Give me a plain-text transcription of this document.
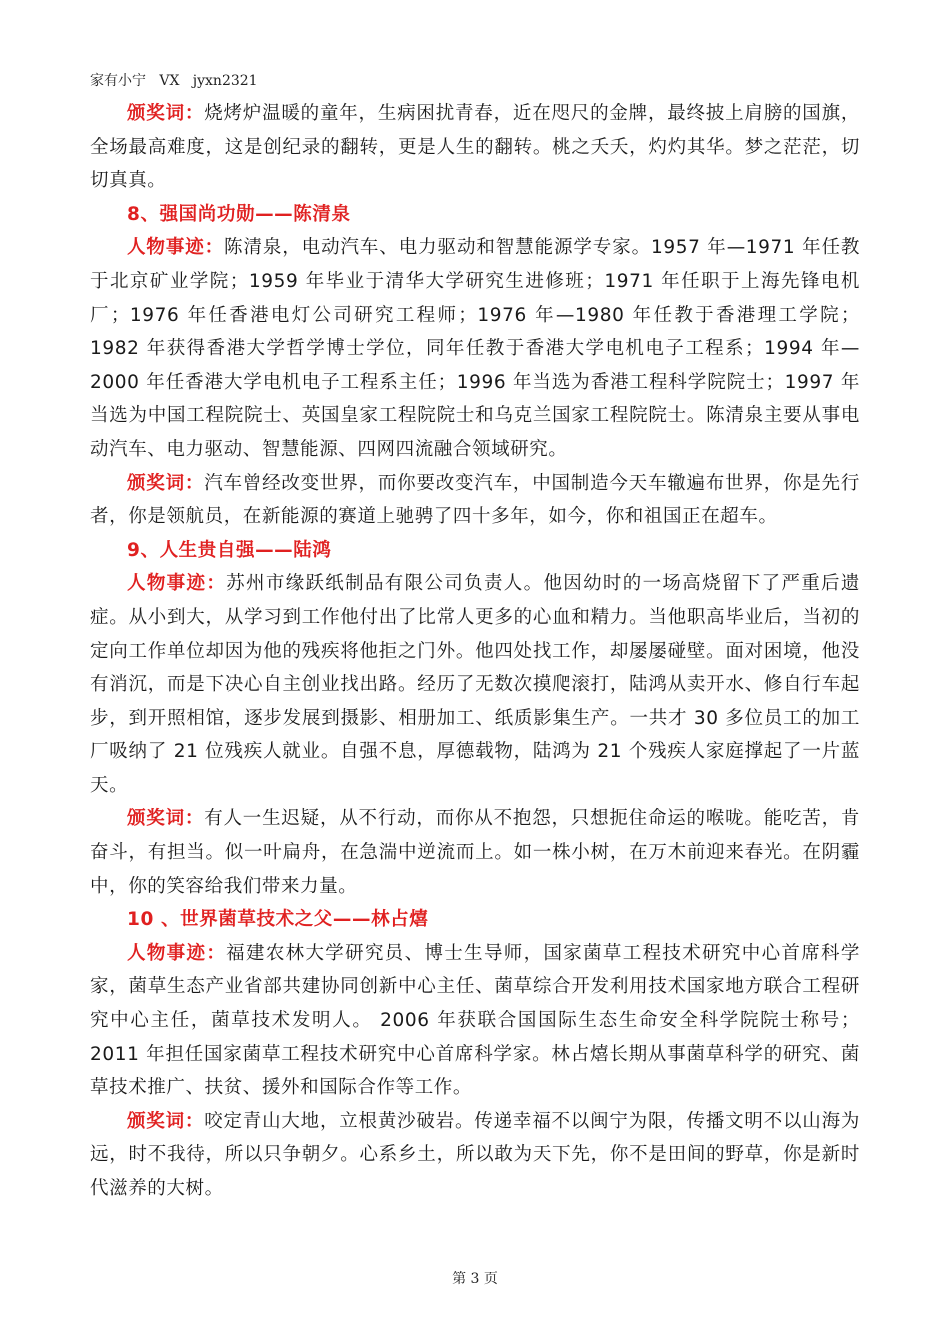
家有小宁   VX   jyxn2321

颁奖词：烧烤炉温暖的童年，生病困扰青春，近在咫尺的金牌，最终披上肩膀的国旗，全场最高难度，这是创纪录的翻转，更是人生的翻转。桃之夭夭，灼灼其华。梦之茫茫，切切真真。

8、强国尚功勋——陈清泉

人物事迹：陈清泉，电动汽车、电力驱动和智慧能源学专家。1957 年—1971 年任教于北京矿业学院；1959 年毕业于清华大学研究生进修班；1971 年任职于上海先锋电机厂；1976 年任香港电灯公司研究工程师；1976 年—1980 年任教于香港理工学院；1982 年获得香港大学哲学博士学位，同年任教于香港大学电机电子工程系；1994 年—2000 年任香港大学电机电子工程系主任；1996 年当选为香港工程科学院院士；1997 年当选为中国工程院院士、英国皇家工程院院士和乌克兰国家工程院院士。陈清泉主要从事电动汽车、电力驱动、智慧能源、四网四流融合领域研究。

颁奖词：汽车曾经改变世界，而你要改变汽车，中国制造今天车辙遍布世界，你是先行者，你是领航员，在新能源的赛道上驰骋了四十多年，如今，你和祖国正在超车。

9、人生贵自强——陆鸿

人物事迹：苏州市缘跃纸制品有限公司负责人。他因幼时的一场高烧留下了严重后遗症。从小到大，从学习到工作他付出了比常人更多的心血和精力。当他职高毕业后，当初的定向工作单位却因为他的残疾将他拒之门外。他四处找工作，却屡屡碰壁。面对困境，他没有消沉，而是下决心自主创业找出路。经历了无数次摸爬滚打，陆鸿从卖开水、修自行车起步，到开照相馆，逐步发展到摄影、相册加工、纸质影集生产。一共才 30 多位员工的加工厂吸纳了 21 位残疾人就业。自强不息，厚德载物，陆鸿为 21 个残疾人家庭撑起了一片蓝天。

颁奖词：有人一生迟疑，从不行动，而你从不抱怨，只想扼住命运的喉咙。能吃苦，肯奋斗，有担当。似一叶扁舟，在急湍中逆流而上。如一株小树，在万木前迎来春光。在阴霾中，你的笑容给我们带来力量。

10 、世界菌草技术之父——林占熺

人物事迹：福建农林大学研究员、博士生导师，国家菌草工程技术研究中心首席科学家，菌草生态产业省部共建协同创新中心主任、菌草综合开发利用技术国家地方联合工程研究中心主任，菌草技术发明人。 2006 年获联合国国际生态生命安全科学院院士称号；2011 年担任国家菌草工程技术研究中心首席科学家。林占熺长期从事菌草科学的研究、菌草技术推广、扶贫、援外和国际合作等工作。

颁奖词：咬定青山大地，立根黄沙破岩。传递幸福不以闽宁为限，传播文明不以山海为远，时不我待，所以只争朝夕。心系乡土，所以敢为天下先，你不是田间的野草，你是新时代滋养的大树。

第 3 页
